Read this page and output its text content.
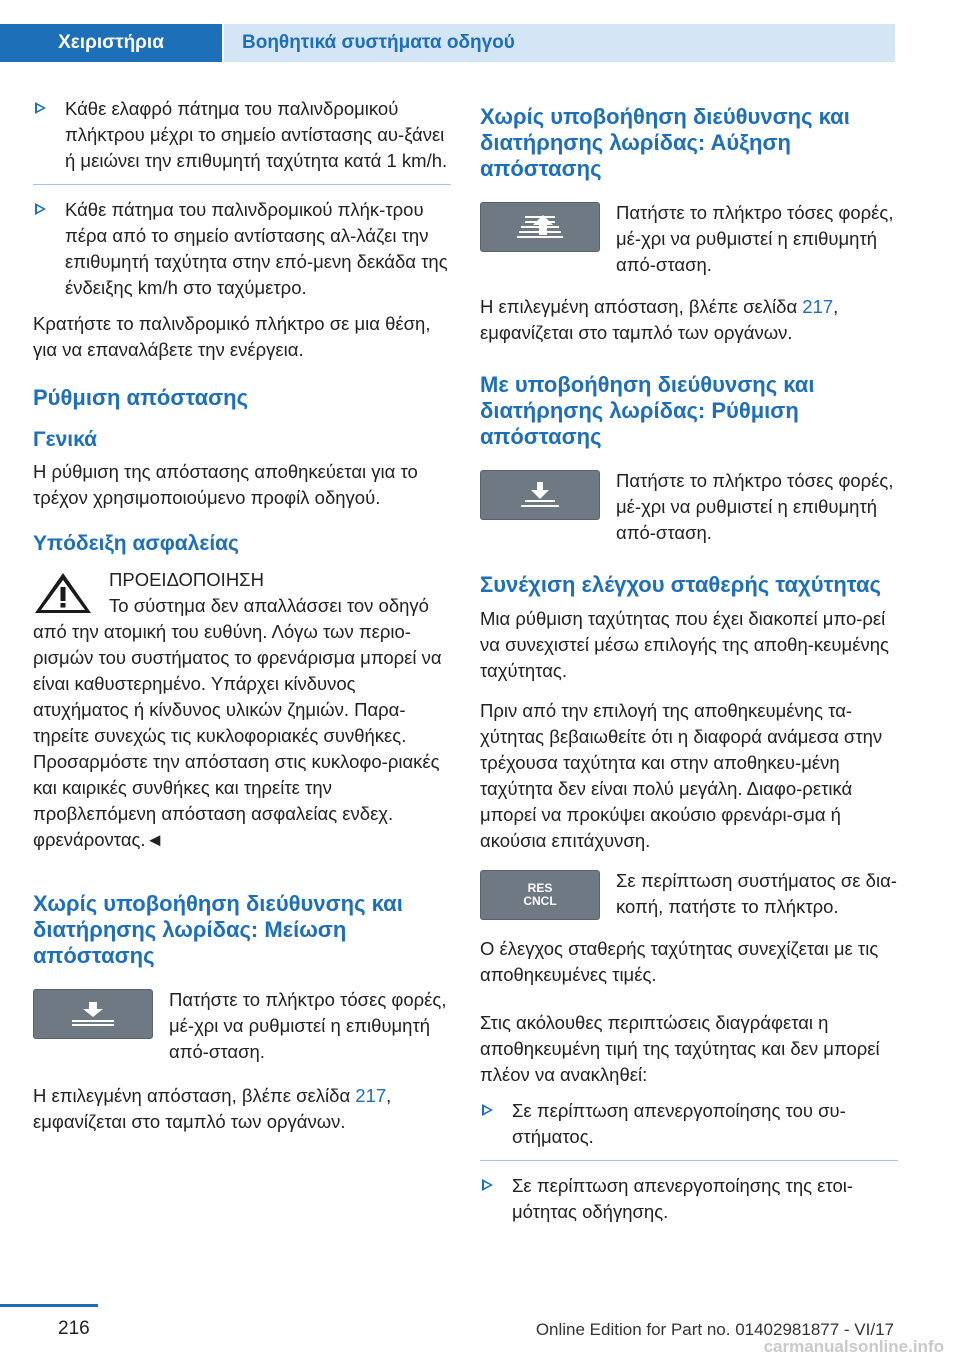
Χειριστήρια	Βοηθητικά συστήματα οδηγού
Κάθε ελαφρό πάτημα του παλινδρομικού πλήκτρου μέχρι το σημείο αντίστασης αυ‐ξάνει ή μειώνει την επιθυμητή ταχύτητα κατά 1 km/h.
Κάθε πάτημα του παλινδρομικού πλήκ‐τρου πέρα από το σημείο αντίστασης αλ‐λάζει την επιθυμητή ταχύτητα στην επό‐μενη δεκάδα της ένδειξης km/h στο ταχύμετρο.

Κρατήστε το παλινδρομικό πλήκτρο σε μια θέση, για να επαναλάβετε την ενέργεια.

Ρύθμιση απόστασης
Γενικά

Η ρύθμιση της απόστασης αποθηκεύεται για το τρέχον χρησιμοποιούμενο προφίλ οδηγού.

Υπόδειξη ασφαλείας
ΠΡΟΕΙΔΟΠΟΙΗΣΗ
Το σύστημα δεν απαλλάσσει τον οδηγό από την ατομική του ευθύνη. Λόγω των περιο‐ρισμών του συστήματος το φρενάρισμα μπορεί να είναι καθυστερημένο. Υπάρχει κίνδυνος ατυχήματος ή κίνδυνος υλικών ζημιών. Παρα‐τηρείτε συνεχώς τις κυκλοφοριακές συνθήκες. Προσαρμόστε την απόσταση στις κυκλοφο‐ριακές και καιρικές συνθήκες και τηρείτε την προβλεπόμενη απόσταση ασφαλείας ενδεχ. φρενάροντας.◄
Χωρίς υποβοήθηση διεύθυνσης και διατήρησης λωρίδας: Μείωση απόστασης
Πατήστε το πλήκτρο τόσες φορές, μέ‐χρι να ρυθμιστεί η επιθυμητή από‐σταση.

Η επιλεγμένη απόσταση, βλέπε σελίδα 217, εμφανίζεται στο ταμπλό των οργάνων.

Χωρίς υποβοήθηση διεύθυνσης και διατήρησης λωρίδας: Αύξηση απόστασης
Πατήστε το πλήκτρο τόσες φορές, μέ‐χρι να ρυθμιστεί η επιθυμητή από‐σταση.

Η επιλεγμένη απόσταση, βλέπε σελίδα 217, εμφανίζεται στο ταμπλό των οργάνων.

Με υποβοήθηση διεύθυνσης και διατήρησης λωρίδας: Ρύθμιση απόστασης
Πατήστε το πλήκτρο τόσες φορές, μέ‐χρι να ρυθμιστεί η επιθυμητή από‐σταση.
Συνέχιση ελέγχου σταθερής ταχύτητας

Μια ρύθμιση ταχύτητας που έχει διακοπεί μπο‐ρεί να συνεχιστεί μέσω επιλογής της αποθη‐κευμένης ταχύτητας.

Πριν από την επιλογή της αποθηκευμένης τα‐χύτητας βεβαιωθείτε ότι η διαφορά ανάμεσα στην τρέχουσα ταχύτητα και στην αποθηκευ‐μένη ταχύτητα δεν είναι πολύ μεγάλη. Διαφο‐ρετικά μπορεί να προκύψει ακούσιο φρενάρι‐σμα ή ακούσια επιτάχυνση.

RES
CNCL
Σε περίπτωση συστήματος σε δια‐κοπή, πατήστε το πλήκτρο.

Ο έλεγχος σταθερής ταχύτητας συνεχίζεται με τις αποθηκευμένες τιμές.

Στις ακόλουθες περιπτώσεις διαγράφεται η αποθηκευμένη τιμή της ταχύτητας και δεν μπορεί πλέον να ανακληθεί:

Σε περίπτωση απενεργοποίησης του συ‐στήματος.
Σε περίπτωση απενεργοποίησης της ετοι‐μότητας οδήγησης.
216	Online Edition for Part no. 01402981877 - VI/17
carmanualsonline.info
